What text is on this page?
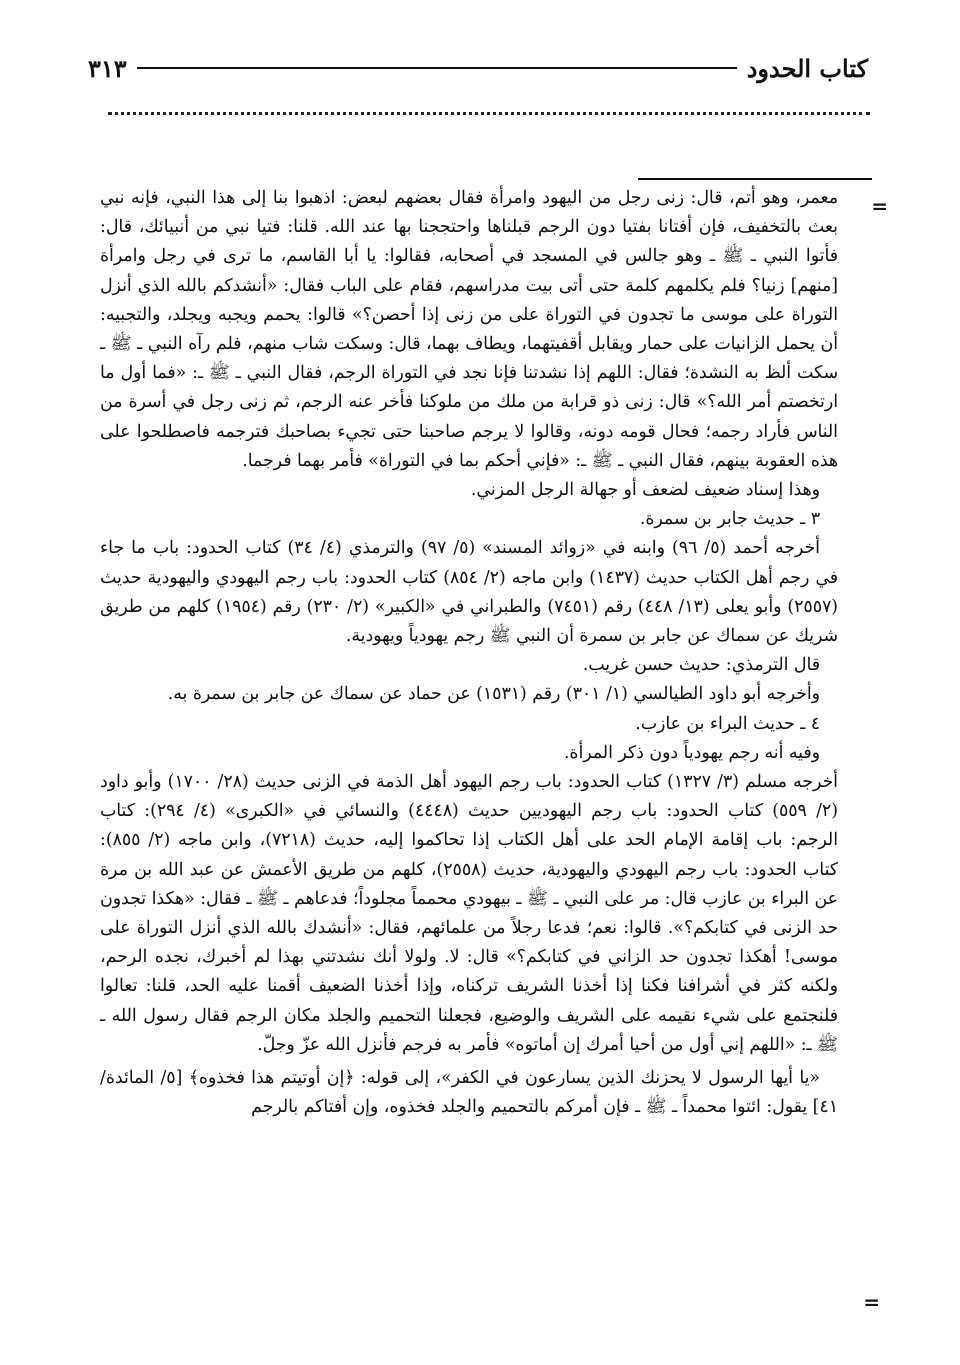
كتاب الحدود
٣١٣
=

معمر، وهو أتم، قال: زنى رجل من اليهود وامرأة فقال بعضهم لبعض: اذهبوا بنا إلى هذا النبي، فإنه نبي بعث بالتخفيف، فإن أفتانا بفتيا دون الرجم قبلناها واحتججنا بها عند الله. قلنا: فتيا نبي من أنبيائك، قال: فأتوا النبي ـ ﷺ ـ وهو جالس في المسجد في أصحابه، فقالوا: يا أبا القاسم، ما ترى في رجل وامرأة [منهم] زنيا؟ فلم يكلمهم كلمة حتى أتى بيت مدراسهم، فقام على الباب فقال: «أنشدكم بالله الذي أنزل التوراة على موسى ما تجدون في التوراة على من زنى إذا أحصن؟» قالوا: يحمم ويجبه ويجلد، والتجبيه: أن يحمل الزانيات على حمار ويقابل أقفيتهما، ويطاف بهما، قال: وسكت شاب منهم، فلم رآه النبي ـ ﷺ ـ سكت ألظ به النشدة؛ فقال: اللهم إذا نشدتنا فإنا نجد في التوراة الرجم، فقال النبي ـ ﷺ ـ: «فما أول ما ارتخصتم أمر الله؟» قال: زنى ذو قرابة من ملك من ملوكنا فأخر عنه الرجم، ثم زنى رجل في أسرة من الناس فأراد رجمه؛ فحال قومه دونه، وقالوا لا يرجم صاحبنا حتى تجيء بصاحبك فترجمه فاصطلحوا على هذه العقوبة بينهم، فقال النبي ـ ﷺ ـ: «فإني أحكم بما في التوراة» فأمر بهما فرجما.

وهذا إسناد ضعيف لضعف أو جهالة الرجل المزني.

٣ ـ حديث جابر بن سمرة.

أخرجه أحمد (٥/ ٩٦) وابنه في «زوائد المسند» (٥/ ٩٧) والترمذي (٤/ ٣٤) كتاب الحدود: باب ما جاء في رجم أهل الكتاب حديث (١٤٣٧) وابن ماجه (٢/ ٨٥٤) كتاب الحدود: باب رجم اليهودي واليهودية حديث (٢٥٥٧) وأبو يعلى (١٣/ ٤٤٨) رقم (٧٤٥١) والطبراني في «الكبير» (٢/ ٢٣٠) رقم (١٩٥٤) كلهم من طريق شريك عن سماك عن جابر بن سمرة أن النبي ﷺ رجم يهودياً ويهودية.

قال الترمذي: حديث حسن غريب.

وأخرجه أبو داود الطيالسي (١/ ٣٠١) رقم (١٥٣١) عن حماد عن سماك عن جابر بن سمرة به.

٤ ـ حديث البراء بن عازب.

وفيه أنه رجم يهودياً دون ذكر المرأة.

أخرجه مسلم (٣/ ١٣٢٧) كتاب الحدود: باب رجم اليهود أهل الذمة في الزنى حديث (٢٨/ ١٧٠٠) وأبو داود (٢/ ٥٥٩) كتاب الحدود: باب رجم اليهوديين حديث (٤٤٤٨) والنسائي في «الكبرى» (٤/ ٢٩٤): كتاب الرجم: باب إقامة الإمام الحد على أهل الكتاب إذا تحاكموا إليه، حديث (٧٢١٨)، وابن ماجه (٢/ ٨٥٥): كتاب الحدود: باب رجم اليهودي واليهودية، حديث (٢٥٥٨)، كلهم من طريق الأعمش عن عبد الله بن مرة عن البراء بن عازب قال: مر على النبي ـ ﷺ ـ بيهودي محمماً مجلوداً؛ فدعاهم ـ ﷺ ـ فقال: «هكذا تجدون حد الزنى في كتابكم؟». قالوا: نعم؛ فدعا رجلاً من علمائهم، فقال: «أنشدك بالله الذي أنزل التوراة على موسى! أهكذا تجدون حد الزاني في كتابكم؟» قال: لا. ولولا أنك نشدتني بهذا لم أخبرك، نجده الرحم، ولكنه كثر في أشرافنا فكنا إذا أخذنا الشريف تركناه، وإذا أخذنا الضعيف أقمنا عليه الحد، قلنا: تعالوا فلنجتمع على شيء نقيمه على الشريف والوضيع، فجعلنا التحميم والجلد مكان الرجم فقال رسول الله ـ ﷺ ـ: «اللهم إني أول من أحيا أمرك إن أماتوه» فأمر به فرجم فأنزل الله عزّ وجلّ.

«يا أيها الرسول لا يحزنك الذين يسارعون في الكفر»، إلى قوله: ﴿إن أوتيتم هذا فخذوه﴾ [٥/ المائدة/ ٤١] يقول: ائتوا محمداً ـ ﷺ ـ فإن أمركم بالتحميم والجلد فخذوه، وإن أفتاكم بالرجم

=
